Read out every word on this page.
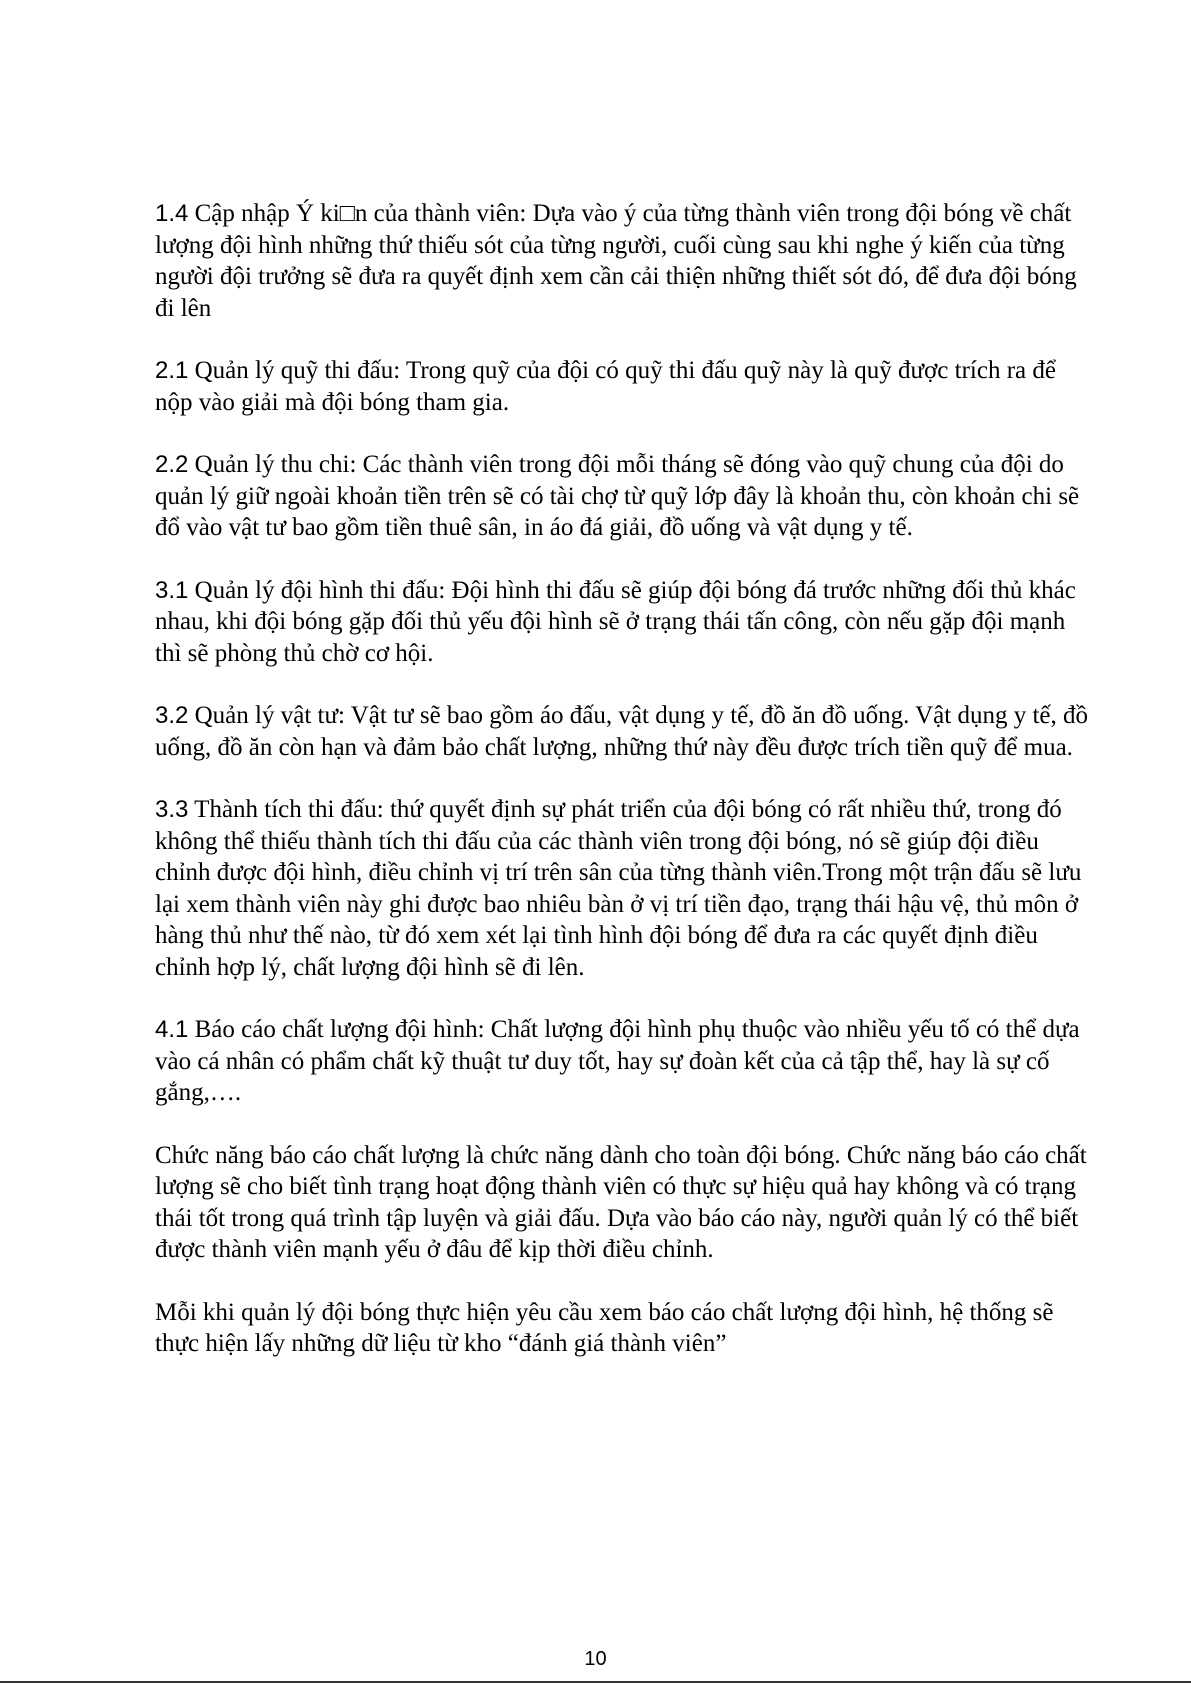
1.4 Cập nhập Ý ki□n của thành viên: Dựa vào ý của từng thành viên trong đội bóng về chất lượng đội hình những thứ thiếu sót của từng người, cuối cùng sau khi nghe ý kiến của từng người đội trưởng sẽ đưa ra quyết định xem cần cải thiện những thiết sót đó, để đưa đội bóng đi lên

2.1 Quản lý quỹ thi đấu: Trong quỹ của đội có quỹ thi đấu quỹ này là quỹ được trích ra để nộp vào giải mà đội bóng tham gia.

2.2 Quản lý thu chi: Các thành viên trong đội mỗi tháng sẽ đóng vào quỹ chung của đội do quản lý giữ ngoài khoản tiền trên sẽ có tài chợ từ quỹ lớp đây là khoản thu, còn khoản chi sẽ đổ vào vật tư bao gồm tiền thuê sân, in áo đá giải, đồ uống và vật dụng y tế.

3.1 Quản lý đội hình thi đấu: Đội hình thi đấu sẽ giúp đội bóng đá trước những đối thủ khác nhau, khi đội bóng gặp đối thủ yếu đội hình sẽ ở trạng thái tấn công, còn nếu gặp đội mạnh thì sẽ phòng thủ chờ cơ hội.

3.2 Quản lý vật tư: Vật tư sẽ bao gồm áo đấu, vật dụng y tế, đồ ăn đồ uống. Vật dụng y tế, đồ uống, đồ ăn còn hạn và đảm bảo chất lượng, những thứ này đều được trích tiền quỹ để mua.

3.3 Thành tích thi đấu: thứ quyết định sự phát triển của đội bóng có rất nhiều thứ, trong đó không thể thiếu thành tích thi đấu của các thành viên trong đội bóng, nó sẽ giúp đội điều chỉnh được đội hình, điều chỉnh vị trí trên sân của từng thành viên.Trong một trận đấu sẽ lưu lại xem thành viên này ghi được bao nhiêu bàn ở vị trí tiền đạo, trạng thái hậu vệ, thủ môn ở hàng thủ như thế nào, từ đó xem xét lại tình hình đội bóng để đưa ra các quyết định điều chỉnh hợp lý, chất lượng đội hình sẽ đi lên.

4.1 Báo cáo chất lượng đội hình: Chất lượng đội hình phụ thuộc vào nhiều yếu tố có thể dựa vào cá nhân có phẩm chất kỹ thuật tư duy tốt, hay sự đoàn kết của cả tập thể, hay là sự cố gắng,….

Chức năng báo cáo chất lượng là chức năng dành cho toàn đội bóng. Chức năng báo cáo chất lượng sẽ cho biết tình trạng hoạt động thành viên có thực sự hiệu quả hay không và có trạng thái tốt trong quá trình tập luyện và giải đấu. Dựa vào báo cáo này, người quản lý có thể biết được thành viên mạnh yếu ở đâu để kịp thời điều chỉnh.

Mỗi khi quản lý đội bóng thực hiện yêu cầu xem báo cáo chất lượng đội hình, hệ thống sẽ thực hiện lấy những dữ liệu từ kho “đánh giá thành viên”

10
